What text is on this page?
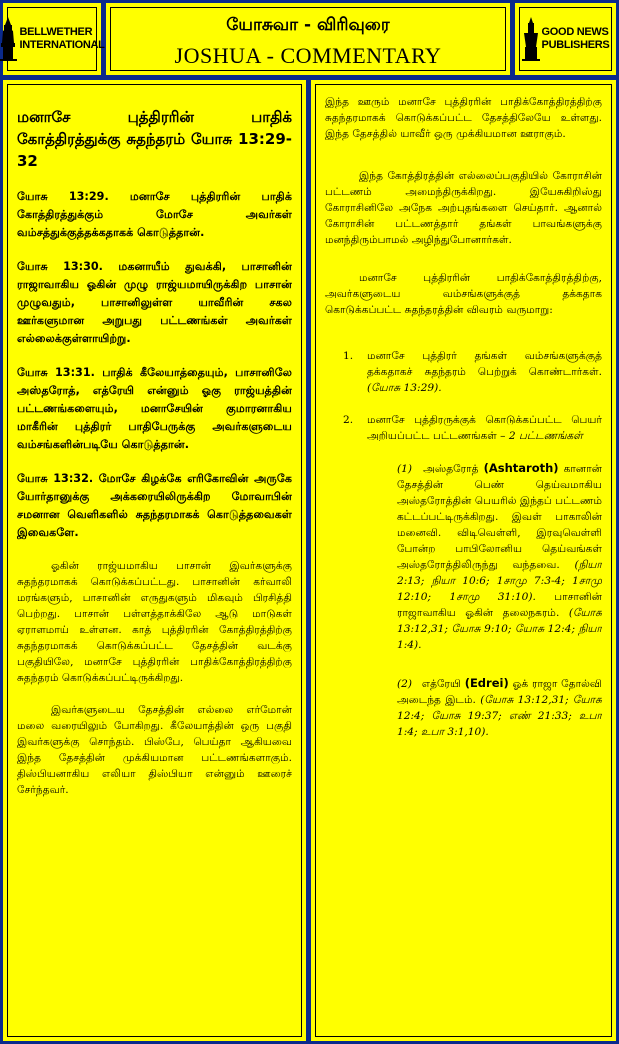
BELLWETHER
INTERNATIONAL
யோசுவா - விரிவுரை
JOSHUA - COMMENTARY
GOOD NEWS
PUBLISHERS
மனாசே புத்திரரின் பாதிக் கோத்திரத்துக்கு சுதந்தரம் யோசு 13:29-32
யோசு 13:29. மனாசே புத்திரரின் பாதிக் கோத்திரத்துக்கும் மோசே அவர்கள் வம்சத்துக்குத்தக்கதாகக் கொடுத்தான்.
யோசு 13:30. மகனாயீம் துவக்கி, பாசானின் ராஜாவாகிய ஓகின் முழு ராஜ்யமாயிருக்கிற பாசான் முழுவதும், பாசானிலுள்ள யாவீரின் சகல ஊர்களுமான அறுபது பட்டணங்கள் அவர்கள் எல்லைக்குள்ளாயிற்று.
யோசு 13:31. பாதிக் கீலேயாத்தையும், பாசானிலே அஸ்தரோத், எத்ரேயி என்னும் ஓகு ராஜ்யத்தின் பட்டணங்களையும், மனாசேயின் குமாரனாகிய மாகீரின் புத்திரர் பாதிபேருக்கு அவர்களுடைய வம்சங்களின்படியே கொடுத்தான்.
யோசு 13:32. மோசே கிழக்கே எரிகோவின் அருகே யோர்தானுக்கு அக்கரையிலிருக்கிற மோவாபின் சமனான வெளிகளில் சுதந்தரமாகக் கொடுத்தவைகள் இவைகளே.

ஓகின் ராஜ்யமாகிய பாசான் இவர்களுக்கு சுதந்தரமாகக் கொடுக்கப்பட்டது. பாசானின் கர்வாலி மரங்களும், பாசானின் எருதுகளும் மிகவும் பிரசித்தி பெற்றது. பாசான் பள்ளத்தாக்கிலே ஆடு மாடுகள் ஏராளமாய் உள்ளன. காத் புத்திரரின் கோத்திரத்திற்கு சுதந்தரமாகக் கொடுக்கப்பட்ட தேசத்தின் வடக்கு பகுதியிலே, மனாசே புத்திரரின் பாதிக்கோத்திரத்திற்கு சுதந்தரம் கொடுக்கப்பட்டிருக்கிறது.

இவர்களுடைய தேசத்தின் எல்லை எர்மோன் மலை வரையிலும் போகிறது. கீலேயாத்தின் ஒரு பகுதி இவர்களுக்கு சொந்தம். பிஸ்பே, பெய்தா ஆகியவை இந்த தேசத்தின் முக்கியமான பட்டணங்களாகும். திஸ்பியனாகிய எலியா திஸ்பியா என்னும் ஊரைச் சேர்ந்தவர்.

இந்த ஊரும் மனாசே புத்திரரின் பாதிக்கோத்திரத்திற்கு சுதந்தரமாகக் கொடுக்கப்பட்ட தேசத்திலேயே உள்ளது. இந்த தேசத்தில் யாவீர் ஒரு முக்கியமான ஊராகும்.

இந்த கோத்திரத்தின் எல்லைப்பகுதியில் கோராசின் பட்டணம் அமைந்திருக்கிறது. இயேசுகிறிஸ்து கோராசினிலே அநேக அற்புதங்களை செய்தார். ஆனால் கோராசின் பட்டணத்தார் தங்கள் பாவங்களுக்கு மனந்திரும்பாமல் அழிந்துபோனார்கள்.

மனாசே புத்திரரின் பாதிக்கோத்திரத்திற்கு, அவர்களுடைய வம்சங்களுக்குத் தக்கதாக கொடுக்கப்பட்ட சுதந்தரத்தின் விவரம் வருமாறு:

1. மனாசே புத்திரர் தங்கள் வம்சங்களுக்குத் தக்கதாகச் சுதந்தரம் பெற்றுக் கொண்டார்கள். (யோசு 13:29).
2. மனாசே புத்திரருக்குக் கொடுக்கப்பட்ட பெயர் அறியப்பட்ட பட்டணங்கள் – 2 பட்டணங்கள்
(1) அஸ்தரோத் (Ashtaroth) கானான் தேசத்தின் பெண் தெய்வமாகிய அஸ்தரோத்தின் பெயரில் இந்தப் பட்டணம் கட்டப்பட்டிருக்கிறது. இவள் பாகாலின் மனைவி. விடிவெள்ளி, இரவுவெள்ளி போன்ற பாபிலோனிய தெய்வங்கள் அஸ்தரோத்திலிருந்து வந்தவை. (நியா 2:13; நியா 10:6; 1சாமு 7:3-4; 1சாமு 12:10; 1சாமு 31:10). பாசானின் ராஜாவாகிய ஓகின் தலைநகரம். (யோசு 13:12,31; யோசு 9:10; யோசு 12:4; நியா 1:4).
(2) எத்ரேயி (Edrei) ஓக் ராஜா தோல்வி அடைந்த இடம். (யோசு 13:12,31; யோசு 12:4; யோசு 19:37; எண் 21:33; உபா 1:4; உபா 3:1,10).
